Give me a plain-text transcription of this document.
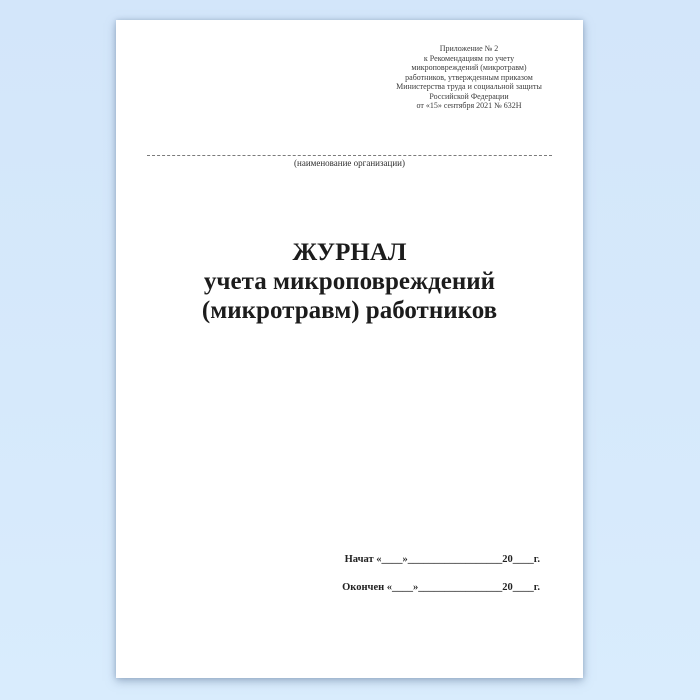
Приложение № 2
к Рекомендациям по учету
микроповреждений (микротравм)
работников, утвержденным приказом
Министерства труда и социальной защиты
Российской Федерации
от «15» сентября 2021 № 632Н
(наименование организации)
ЖУРНАЛ
учета микроповреждений
(микротравм) работников
Начат «____»__________________20____г.
Окончен «____»________________20____г.
